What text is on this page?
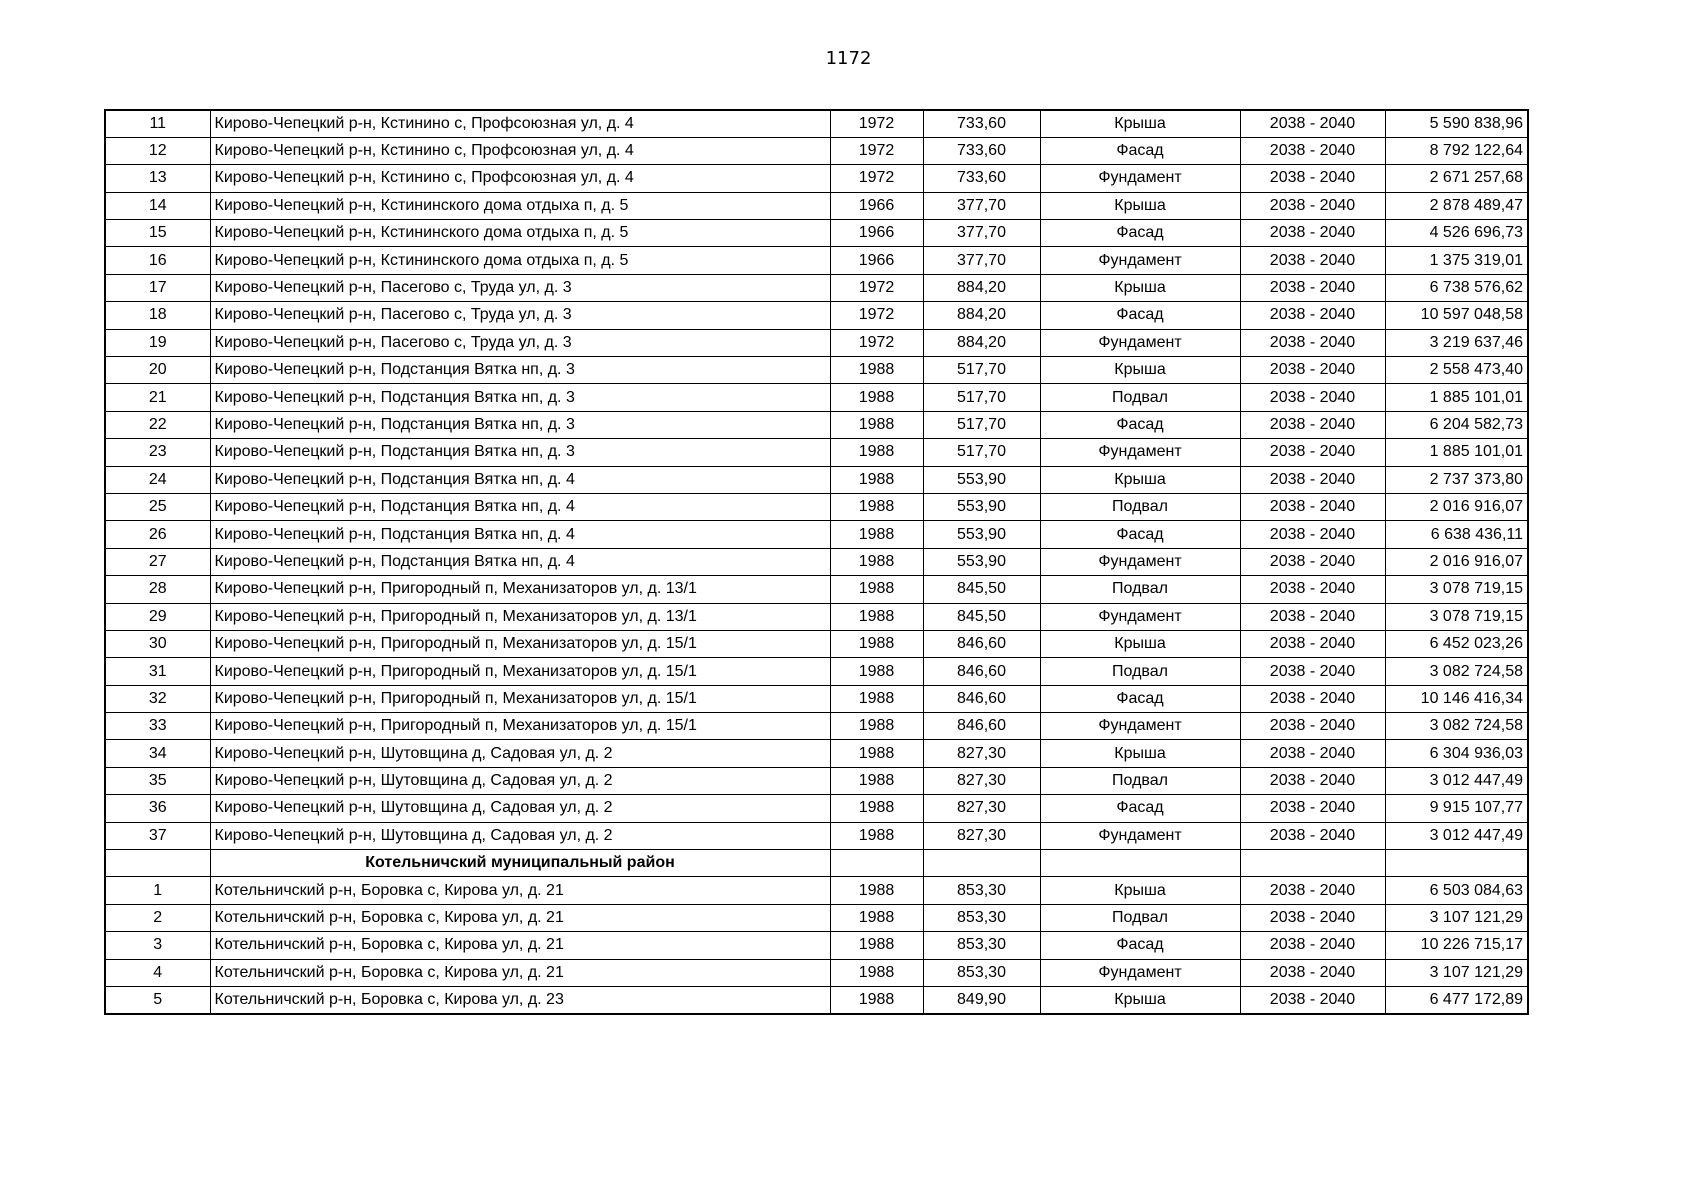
1172
11	Кирово-Чепецкий р-н, Кстинино с, Профсоюзная ул, д. 4	1972	733,60	Крыша	2038 - 2040	5 590 838,96
12	Кирово-Чепецкий р-н, Кстинино с, Профсоюзная ул, д. 4	1972	733,60	Фасад	2038 - 2040	8 792 122,64
13	Кирово-Чепецкий р-н, Кстинино с, Профсоюзная ул, д. 4	1972	733,60	Фундамент	2038 - 2040	2 671 257,68
14	Кирово-Чепецкий р-н, Кстининского дома отдыха п, д. 5	1966	377,70	Крыша	2038 - 2040	2 878 489,47
15	Кирово-Чепецкий р-н, Кстининского дома отдыха п, д. 5	1966	377,70	Фасад	2038 - 2040	4 526 696,73
16	Кирово-Чепецкий р-н, Кстининского дома отдыха п, д. 5	1966	377,70	Фундамент	2038 - 2040	1 375 319,01
17	Кирово-Чепецкий р-н, Пасегово с, Труда ул, д. 3	1972	884,20	Крыша	2038 - 2040	6 738 576,62
18	Кирово-Чепецкий р-н, Пасегово с, Труда ул, д. 3	1972	884,20	Фасад	2038 - 2040	10 597 048,58
19	Кирово-Чепецкий р-н, Пасегово с, Труда ул, д. 3	1972	884,20	Фундамент	2038 - 2040	3 219 637,46
20	Кирово-Чепецкий р-н, Подстанция Вятка нп, д. 3	1988	517,70	Крыша	2038 - 2040	2 558 473,40
21	Кирово-Чепецкий р-н, Подстанция Вятка нп, д. 3	1988	517,70	Подвал	2038 - 2040	1 885 101,01
22	Кирово-Чепецкий р-н, Подстанция Вятка нп, д. 3	1988	517,70	Фасад	2038 - 2040	6 204 582,73
23	Кирово-Чепецкий р-н, Подстанция Вятка нп, д. 3	1988	517,70	Фундамент	2038 - 2040	1 885 101,01
24	Кирово-Чепецкий р-н, Подстанция Вятка нп, д. 4	1988	553,90	Крыша	2038 - 2040	2 737 373,80
25	Кирово-Чепецкий р-н, Подстанция Вятка нп, д. 4	1988	553,90	Подвал	2038 - 2040	2 016 916,07
26	Кирово-Чепецкий р-н, Подстанция Вятка нп, д. 4	1988	553,90	Фасад	2038 - 2040	6 638 436,11
27	Кирово-Чепецкий р-н, Подстанция Вятка нп, д. 4	1988	553,90	Фундамент	2038 - 2040	2 016 916,07
28	Кирово-Чепецкий р-н, Пригородный п, Механизаторов ул, д. 13/1	1988	845,50	Подвал	2038 - 2040	3 078 719,15
29	Кирово-Чепецкий р-н, Пригородный п, Механизаторов ул, д. 13/1	1988	845,50	Фундамент	2038 - 2040	3 078 719,15
30	Кирово-Чепецкий р-н, Пригородный п, Механизаторов ул, д. 15/1	1988	846,60	Крыша	2038 - 2040	6 452 023,26
31	Кирово-Чепецкий р-н, Пригородный п, Механизаторов ул, д. 15/1	1988	846,60	Подвал	2038 - 2040	3 082 724,58
32	Кирово-Чепецкий р-н, Пригородный п, Механизаторов ул, д. 15/1	1988	846,60	Фасад	2038 - 2040	10 146 416,34
33	Кирово-Чепецкий р-н, Пригородный п, Механизаторов ул, д. 15/1	1988	846,60	Фундамент	2038 - 2040	3 082 724,58
34	Кирово-Чепецкий р-н, Шутовщина д, Садовая ул, д. 2	1988	827,30	Крыша	2038 - 2040	6 304 936,03
35	Кирово-Чепецкий р-н, Шутовщина д, Садовая ул, д. 2	1988	827,30	Подвал	2038 - 2040	3 012 447,49
36	Кирово-Чепецкий р-н, Шутовщина д, Садовая ул, д. 2	1988	827,30	Фасад	2038 - 2040	9 915 107,77
37	Кирово-Чепецкий р-н, Шутовщина д, Садовая ул, д. 2	1988	827,30	Фундамент	2038 - 2040	3 012 447,49
	Котельничский муниципальный район					
1	Котельничский р-н, Боровка с, Кирова ул, д. 21	1988	853,30	Крыша	2038 - 2040	6 503 084,63
2	Котельничский р-н, Боровка с, Кирова ул, д. 21	1988	853,30	Подвал	2038 - 2040	3 107 121,29
3	Котельничский р-н, Боровка с, Кирова ул, д. 21	1988	853,30	Фасад	2038 - 2040	10 226 715,17
4	Котельничский р-н, Боровка с, Кирова ул, д. 21	1988	853,30	Фундамент	2038 - 2040	3 107 121,29
5	Котельничский р-н, Боровка с, Кирова ул, д. 23	1988	849,90	Крыша	2038 - 2040	6 477 172,89
